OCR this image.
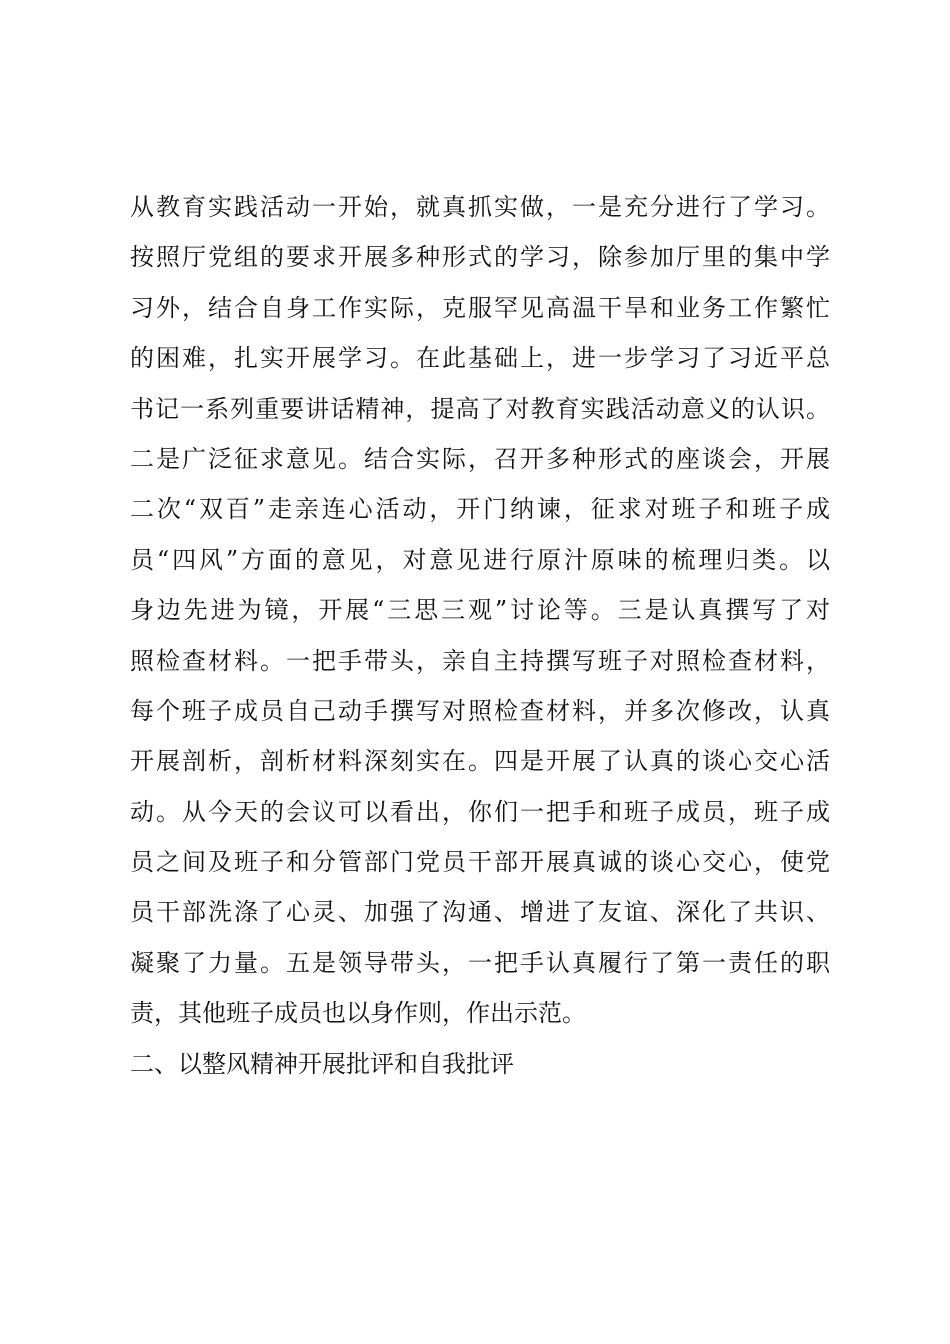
从教育实践活动一开始，就真抓实做，一是充分进行了学习。
按照厅党组的要求开展多种形式的学习，除参加厅里的集中学
习外，结合自身工作实际，克服罕见高温干旱和业务工作繁忙
的困难，扎实开展学习。在此基础上，进一步学习了习近平总
书记一系列重要讲话精神，提高了对教育实践活动意义的认识。
二是广泛征求意见。结合实际，召开多种形式的座谈会，开展
二次“双百”走亲连心活动，开门纳谏，征求对班子和班子成
员“四风”方面的意见，对意见进行原汁原味的梳理归类。以
身边先进为镜，开展“三思三观”讨论等。三是认真撰写了对
照检查材料。一把手带头，亲自主持撰写班子对照检查材料，
每个班子成员自己动手撰写对照检查材料，并多次修改，认真
开展剖析，剖析材料深刻实在。四是开展了认真的谈心交心活
动。从今天的会议可以看出，你们一把手和班子成员，班子成
员之间及班子和分管部门党员干部开展真诚的谈心交心，使党
员干部洗涤了心灵、加强了沟通、增进了友谊、深化了共识、
凝聚了力量。五是领导带头，一把手认真履行了第一责任的职
责，其他班子成员也以身作则，作出示范。
二、以整风精神开展批评和自我批评
